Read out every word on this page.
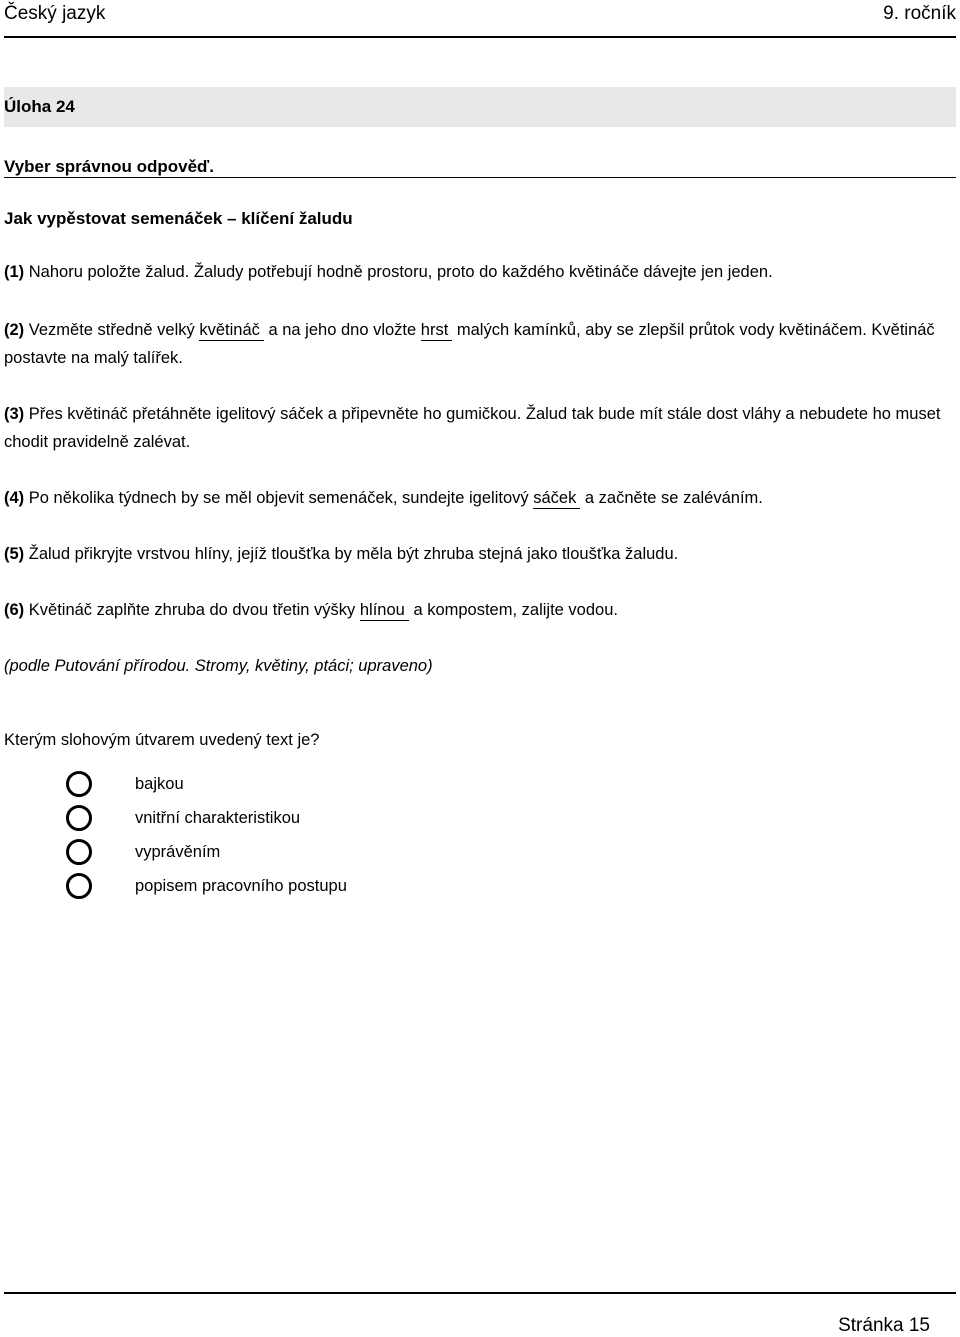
Český jazyk	9. ročník
Úloha 24
Vyber správnou odpověď.
Jak vypěstovat semenáček – klíčení žaludu
(1) Nahoru položte žalud. Žaludy potřebují hodně prostoru, proto do každého květináče dávejte jen jeden.
(2) Vezměte středně velký květináč a na jeho dno vložte hrst malých kamínků, aby se zlepšil průtok vody květináčem. Květináč postavte na malý talířek.
(3) Přes květináč přetáhněte igelitový sáček a připevněte ho gumičkou. Žalud tak bude mít stále dost vláhy a nebudete ho muset chodit pravidelně zalévat.
(4) Po několika týdnech by se měl objevit semenáček, sundejte igelitový sáček a začněte se zaléváním.
(5) Žalud přikryjte vrstvou hlíny, jejíž tloušťka by měla být zhruba stejná jako tloušťka žaludu.
(6) Květináč zaplňte zhruba do dvou třetin výšky hlínou a kompostem, zalijte vodou.
(podle Putování přírodou. Stromy, květiny, ptáci; upraveno)
Kterým slohovým útvarem uvedený text je?
bajkou
vnitřní charakteristikou
vyprávěním
popisem pracovního postupu
Stránka 15
